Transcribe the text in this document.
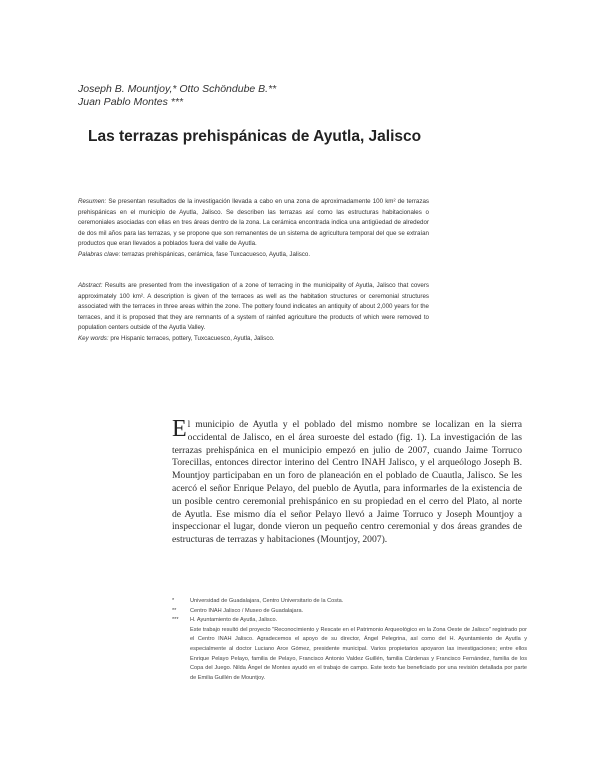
Joseph B. Mountjoy,* Otto Schöndube B.**
Juan Pablo Montes ***
Las terrazas prehispánicas de Ayutla, Jalisco

Resumen: Se presentan resultados de la investigación llevada a cabo en una zona de aproximadamente 100 km² de terrazas prehispánicas en el municipio de Ayutla, Jalisco. Se describen las terrazas así como las estructuras habitacionales o ceremoniales asociadas con ellas en tres áreas dentro de la zona. La cerámica encontrada indica una antigüedad de alrededor de dos mil años para las terrazas, y se propone que son remanentes de un sistema de agricultura temporal del que se extraían productos que eran llevados a poblados fuera del valle de Ayutla.

Palabras clave: terrazas prehispánicas, cerámica, fase Tuxcacuesco, Ayutla, Jalisco.

Abstract: Results are presented from the investigation of a zone of terracing in the municipality of Ayutla, Jalisco that covers approximately 100 km². A description is given of the terraces as well as the habitation structures or ceremonial structures associated with the terraces in three areas within the zone. The pottery found indicates an antiquity of about 2,000 years for the terraces, and it is proposed that they are remnants of a system of rainfed agriculture the products of which were removed to population centers outside of the Ayutla Valley.

Key words: pre Hispanic terraces, pottery, Tuxcacuesco, Ayutla, Jalisco.

El municipio de Ayutla y el poblado del mismo nombre se localizan en la sierra occidental de Jalisco, en el área suroeste del estado (fig. 1). La investigación de las terrazas prehispánica en el municipio empezó en julio de 2007, cuando Jaime Torruco Torecillas, entonces director interino del Centro INAH Jalisco, y el arqueólogo Joseph B. Mountjoy participaban en un foro de planeación en el poblado de Cuautla, Jalisco. Se les acercó el señor Enrique Pelayo, del pueblo de Ayutla, para informarles de la existencia de un posible centro ceremonial prehispánico en su propiedad en el cerro del Plato, al norte de Ayutla. Ese mismo día el señor Pelayo llevó a Jaime Torruco y Joseph Mountjoy a inspeccionar el lugar, donde vieron un pequeño centro ceremonial y dos áreas grandes de estructuras de terrazas y habitaciones (Mountjoy, 2007).

*	Universidad de Guadalajara, Centro Universitario de la Costa.
** Centro INAH Jalisco / Museo de Guadalajara.
*** H. Ayuntamiento de Ayutla, Jalisco.
Este trabajo resultó del proyecto "Reconocimiento y Rescate en el Patrimonio Arqueológico en la Zona Oeste de Jalisco" registrado por el Centro INAH Jalisco. Agradecemos el apoyo de su director, Ángel Pelegrina, así como del H. Ayuntamiento de Ayutla y especialmente al doctor Luciano Arce Gómez, presidente municipal. Varios propietarios apoyaron las investigaciones; entre ellos Enrique Pelayo Pelayo, familia de Pelayo, Francisco Antonio Valdez Guillén, familia Cárdenas y Francisco Fernández, familia de los Copa del Juego. Nilda Ángel de Montes ayudó en el trabajo de campo. Este texto fue beneficiado por una revisión detallada por parte de Emilia Guillén de Mountjoy.
